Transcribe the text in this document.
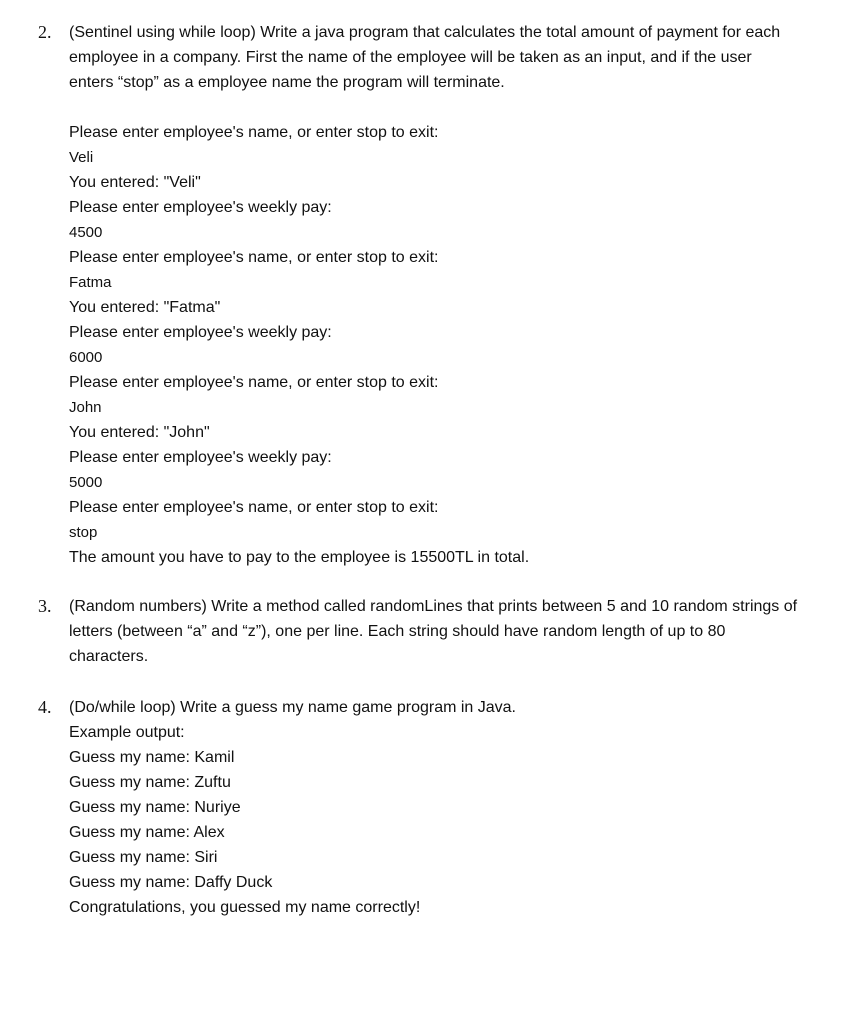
2. (Sentinel using while loop) Write a java program that calculates the total amount of payment for each employee in a company. First the name of the employee will be taken as an input, and if the user enters “stop” as a employee name the program will terminate.
Please enter employee's name, or enter stop to exit:
Veli
You entered: "Veli"
Please enter employee's weekly pay:
4500
Please enter employee's name, or enter stop to exit:
Fatma
You entered: "Fatma"
Please enter employee's weekly pay:
6000
Please enter employee's name, or enter stop to exit:
John
You entered: "John"
Please enter employee's weekly pay:
5000
Please enter employee's name, or enter stop to exit:
stop
The amount you have to pay to the employee is 15500TL in total.
3. (Random numbers) Write a method called randomLines that prints between 5 and 10 random strings of letters (between “a” and “z”), one per line. Each string should have random length of up to 80 characters.
4. (Do/while loop) Write a guess my name game program in Java.
Example output:
Guess my name: Kamil
Guess my name: Zuftu
Guess my name: Nuriye
Guess my name: Alex
Guess my name: Siri
Guess my name: Daffy Duck
Congratulations, you guessed my name correctly!
